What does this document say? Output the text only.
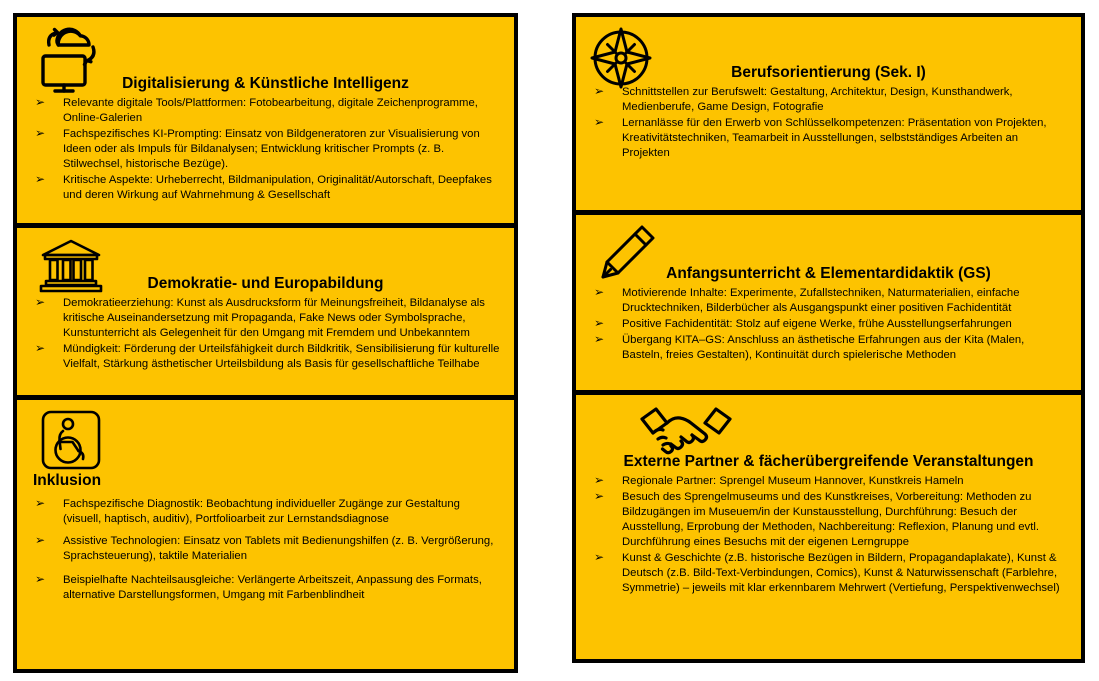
Digitalisierung & Künstliche Intelligenz
➢ Relevante digitale Tools/Plattformen: Fotobearbeitung, digitale Zeichenprogramme, Online-Galerien
➢ Fachspezifisches KI-Prompting: Einsatz von Bildgeneratoren zur Visualisierung von Ideen oder als Impuls für Bildanalysen; Entwicklung kritischer Prompts (z. B. Stilwechsel, historische Bezüge).
➢ Kritische Aspekte: Urheberrecht, Bildmanipulation, Originalität/Autorschaft, Deepfakes und deren Wirkung auf Wahrnehmung & Gesellschaft
Demokratie- und Europabildung
➢ Demokratieerziehung: Kunst als Ausdrucksform für Meinungsfreiheit, Bildanalyse als kritische Auseinandersetzung mit Propaganda, Fake News oder Symbolsprache, Kunstunterricht als Gelegenheit für den Umgang mit Fremdem und Unbekanntem
➢ Mündigkeit: Förderung der Urteilsfähigkeit durch Bildkritik, Sensibilisierung für kulturelle Vielfalt, Stärkung ästhetischer Urteilsbildung als Basis für gesellschaftliche Teilhabe
Inklusion
➢ Fachspezifische Diagnostik: Beobachtung individueller Zugänge zur Gestaltung (visuell, haptisch, auditiv), Portfolioarbeit zur Lernstandsdiagnose
➢ Assistive Technologien: Einsatz von Tablets mit Bedienungshilfen (z. B. Vergrößerung, Sprachsteuerung), taktile Materialien
➢ Beispielhafte Nachteilsausgleiche: Verlängerte Arbeitszeit, Anpassung des Formats, alternative Darstellungsformen, Umgang mit Farbenblindheit
Berufsorientierung (Sek. I)
➢ Schnittstellen zur Berufswelt: Gestaltung, Architektur, Design, Kunsthandwerk, Medienberufe, Game Design, Fotografie
➢ Lernanlässe für den Erwerb von Schlüsselkompetenzen: Präsentation von Projekten, Kreativitätstechniken, Teamarbeit in Ausstellungen, selbstständiges Arbeiten an Projekten
Anfangsunterricht & Elementardidaktik (GS)
➢ Motivierende Inhalte: Experimente, Zufallstechniken, Naturmaterialien, einfache Drucktechniken, Bilderbücher als Ausgangspunkt einer positiven Fachidentität
➢ Positive Fachidentität: Stolz auf eigene Werke, frühe Ausstellungserfahrungen
➢ Übergang KITA–GS: Anschluss an ästhetische Erfahrungen aus der Kita (Malen, Basteln, freies Gestalten), Kontinuität durch spielerische Methoden
Externe Partner & fächerübergreifende Veranstaltungen
➢ Regionale Partner: Sprengel Museum Hannover, Kunstkreis Hameln
➢ Besuch des Sprengelmuseums und des Kunstkreises, Vorbereitung: Methoden zu Bildzugängen im Museuem/in der Kunstausstellung, Durchführung: Besuch der Ausstellung, Erprobung der Methoden, Nachbereitung: Reflexion, Planung und evtl. Durchführung eines Besuchs mit der eigenen Lerngruppe
➢ Kunst & Geschichte (z.B. historische Bezügen in Bildern, Propagandaplakate), Kunst & Deutsch (z.B. Bild-Text-Verbindungen, Comics), Kunst & Naturwissenschaft (Farblehre, Symmetrie) – jeweils mit klar erkennbarem Mehrwert (Vertiefung, Perspektivenwechsel)
